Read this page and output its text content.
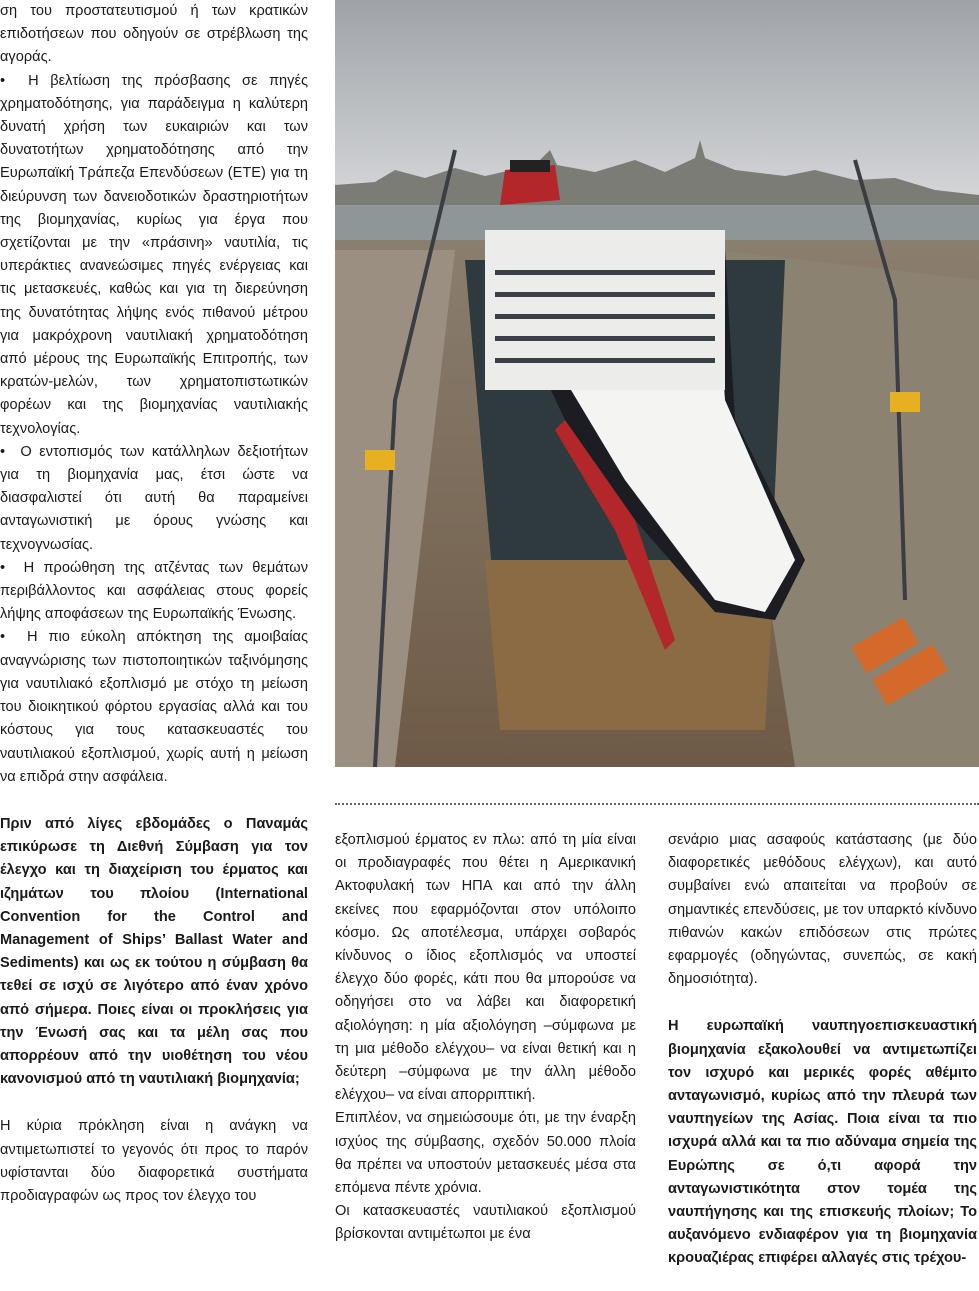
ση του προστατευτισμού ή των κρατικών επιδοτήσεων που οδηγούν σε στρέβλωση της αγοράς.

•  Η βελτίωση της πρόσβασης σε πηγές χρηματοδότησης, για παράδειγμα η καλύτερη δυνατή χρήση των ευκαιριών και των δυνατοτήτων χρηματοδότησης από την Ευρωπαϊκή Τράπεζα Επενδύσεων (ΕΤΕ) για τη διεύρυνση των δανειοδοτικών δραστηριοτήτων της βιομηχανίας, κυρίως για έργα που σχετίζονται με την «πράσινη» ναυτιλία, τις υπεράκτιες ανανεώσιμες πηγές ενέργειας και τις μετασκευές, καθώς και για τη διερεύνηση της δυνατότητας λήψης ενός πιθανού μέτρου για μακρόχρονη ναυτιλιακή χρηματοδότηση από μέρους της Ευρωπαϊκής Επιτροπής, των κρατών-μελών, των χρηματοπιστωτικών φορέων και της βιομηχανίας ναυτιλιακής τεχνολογίας.

•  Ο εντοπισμός των κατάλληλων δεξιοτήτων για τη βιομηχανία μας, έτσι ώστε να διασφαλιστεί ότι αυτή θα παραμείνει ανταγωνιστική με όρους γνώσης και τεχνογνωσίας.

•  Η προώθηση της ατζέντας των θεμάτων περιβάλλοντος και ασφάλειας στους φορείς λήψης αποφάσεων της Ευρωπαϊκής Ένωσης.

•  Η πιο εύκολη απόκτηση της αμοιβαίας αναγνώρισης των πιστοποιητικών ταξινόμησης για ναυτιλιακό εξοπλισμό με στόχο τη μείωση του διοικητικού φόρτου εργασίας αλλά και του κόστους για τους κατασκευαστές του ναυτιλιακού εξοπλισμού, χωρίς αυτή η μείωση να επιδρά στην ασφάλεια.

Πριν από λίγες εβδομάδες ο Παναμάς επικύρωσε τη Διεθνή Σύμβαση για τον έλεγχο και τη διαχείριση του έρματος και ιζημάτων του πλοίου (International Convention for the Control and Management of Ships’ Ballast Water and Sediments) και ως εκ τούτου η σύμβαση θα τεθεί σε ισχύ σε λιγότερο από έναν χρόνο από σήμερα. Ποιες είναι οι προκλήσεις για την Ένωσή σας και τα μέλη σας που απορρέουν από την υιοθέτηση του νέου κανονισμού από τη ναυτιλιακή βιομηχανία;

Η κύρια πρόκληση είναι η ανάγκη να αντιμετωπιστεί το γεγονός ότι προς το παρόν υφίστανται δύο διαφορετικά συστήματα προδιαγραφών ως προς τον έλεγχο του

εξοπλισμού έρματος εν πλω: από τη μία είναι οι προδιαγραφές που θέτει η Αμερικανική Ακτοφυλακή των ΗΠΑ και από την άλλη εκείνες που εφαρμόζονται στον υπόλοιπο κόσμο. Ως αποτέλεσμα, υπάρχει σοβαρός κίνδυνος ο ίδιος εξοπλισμός να υποστεί έλεγχο δύο φορές, κάτι που θα μπορούσε να οδηγήσει στο να λάβει και διαφορετική αξιολόγηση: η μία αξιολόγηση –σύμφωνα με τη μια μέθοδο ελέγχου– να είναι θετική και η δεύτερη –σύμφωνα με την άλλη μέθοδο ελέγχου– να είναι απορριπτική.

Επιπλέον, να σημειώσουμε ότι, με την έναρξη ισχύος της σύμβασης, σχεδόν 50.000 πλοία θα πρέπει να υποστούν μετασκευές μέσα στα επόμενα πέντε χρόνια.

Οι κατασκευαστές ναυτιλιακού εξοπλισμού βρίσκονται αντιμέτωποι με ένα

σενάριο μιας ασαφούς κατάστασης (με δύο διαφορετικές μεθόδους ελέγχων), και αυτό συμβαίνει ενώ απαιτείται να προβούν σε σημαντικές επενδύσεις, με τον υπαρκτό κίνδυνο πιθανών κακών επιδόσεων στις πρώτες εφαρμογές (οδηγώντας, συνεπώς, σε κακή δημοσιότητα).

Η ευρωπαϊκή ναυπηγοεπισκευαστική βιομηχανία εξακολουθεί να αντιμετωπίζει τον ισχυρό και μερικές φορές αθέμιτο ανταγωνισμό, κυρίως από την πλευρά των ναυπηγείων της Ασίας. Ποια είναι τα πιο ισχυρά αλλά και τα πιο αδύναμα σημεία της Ευρώπης σε ό,τι αφορά την ανταγωνιστικότητα στον τομέα της ναυπήγησης και της επισκευής πλοίων; Το αυξανόμενο ενδιαφέρον για τη βιομηχανία κρουαζιέρας επιφέρει αλλαγές στις τρέχου-
